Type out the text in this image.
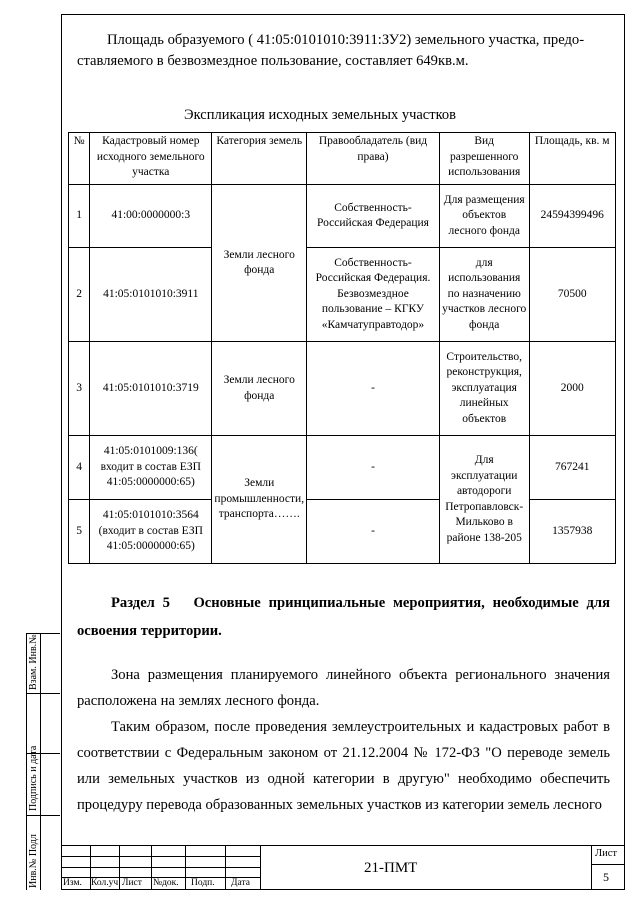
Площадь образуемого ( 41:05:0101010:3911:ЗУ2) земельного участка, предо-
ставляемого в безвозмездное пользование, составляет 649кв.м.
Экспликация исходных земельных участков
№	Кадастровый номер исходного земельного участка	Категория земель	Правообладатель (вид права)	Вид разрешенного использования	Площадь, кв. м
1	41:00:0000000:3	Земли лесного фонда	Собственность-Российская Федерация	Для размещения объектов лесного фонда	24594399496
2	41:05:0101010:3911		Собственность-Российская Федерация. Безвозмездное пользование – КГКУ «Камчатуправтодор»	для использования по назначению участков лесного фонда	70500
3	41:05:0101010:3719	Земли лесного фонда	-	Строительство, реконструкция, эксплуатация линейных объектов	2000
4	41:05:0101009:136( входит в состав ЕЗП 41:05:0000000:65)	Земли промышленности, транспорта…….	-	Для эксплуатации автодороги Петропавловск-Мильково в районе 138-205	767241
5	41:05:0101010:3564 (входит в состав ЕЗП 41:05:0000000:65)		-		1357938
Раздел 5 Основные принципиальные мероприятия, необходимые для освоения территории.

Зона размещения планируемого линейного объекта регионального значения расположена на землях лесного фонда.

Таким образом, после проведения землеустроительных и кадастровых работ в соответствии с Федеральным законом от 21.12.2004 № 172-ФЗ "О переводе земель или земельных участков из одной категории в другую" необходимо обеспечить процедуру перевода образованных земельных участков из категории земель лесного

Взам. Инв.№
Подпись и дата
Инв.№ Подл	Изм. Кол.уч Лист №док. Подп. Дата
21-ПМТ
Лист
5
